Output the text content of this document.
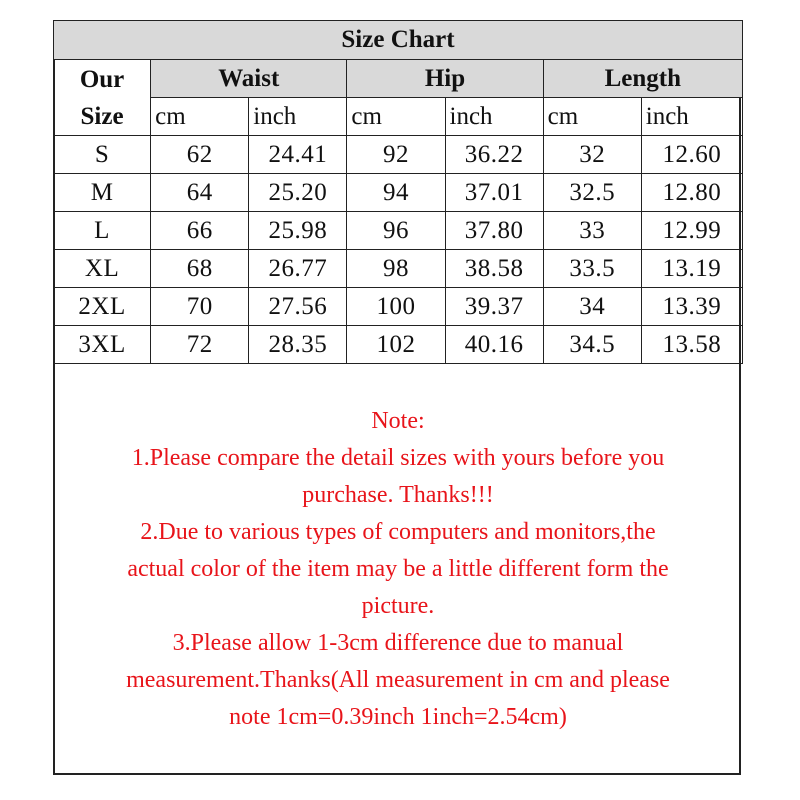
Size Chart						

Our
Size	Waist		Hip		Length	
	cm	inch	cm	inch	cm	inch
S	62	24.41	92	36.22	32	12.60
M	64	25.20	94	37.01	32.5	12.80
L	66	25.98	96	37.80	33	12.99
XL	68	26.77	98	38.58	33.5	13.19
2XL	70	27.56	100	39.37	34	13.39
3XL	72	28.35	102	40.16	34.5	13.58
Note:
1.Please compare the detail sizes with yours before you
purchase. Thanks!!!
2.Due to various types of computers and monitors,the
actual color of the item may be a little different form the
picture.
3.Please allow 1-3cm difference due to manual
measurement.Thanks(All measurement in cm and please
note 1cm=0.39inch 1inch=2.54cm)
